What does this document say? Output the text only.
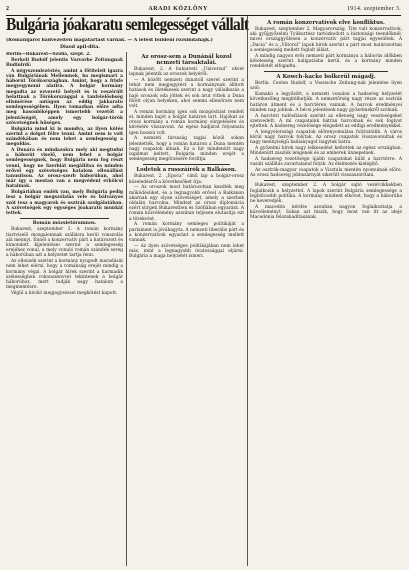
2	ARADI KÖZLÖNY	1914. szeptember 3.
Bulgária jóakaratu semlegességet vállalt
(Románijáról hadvezéltén magatartást várnak. — A lefest buldeni rozsindahajk.)
Diaod apil-dita.

Berlin—Bukarest—Szófia, szept. 2.

Berkeli Budolf jelentis Vozvorhe Zeitungnak Budiulrdí:

A négyszemlezéstés, amint a főtiteleit igazra ván Bulgáriának Mellemnek, ba megismart a háborút Törökországban. Amint, hogy a frisfe megyegymuni alatira. A bolgár kormány megadta az ezvezető helyeit és is veszérült helattnak a Törökországgal a tanfelelősbség elismérése antágon az eddig jakkaratu semlegességében. Ilyen tomazban előre adta meg hasonlóképpen ismertebb vezetőt a jelentőségét, amely egy bolgár-török szövetségnek hűséges.

Bulgária mind ki is mondva, az ilyen kötés szerint a dolgot félre tenni. Amint nem is volt szándékában és nem lehet a semlegesség a megoldás.

A Dunára és mindazokra mely aki megtudni a háborút viselő, nem lebet a bolgár semlegességnek, hogy Bulgária nem fog részt venni, hogy ne Szerbiát megállítsa és minden erővel egy szövetséges hatalom ellenállást tanusítson. Az orosz-szerb háborúban, ahol már így a mostan van a megvédeni erkölcsi hatalmak.

Bulgáriában emlék van, mely Bulgária pedig lesz a bolgár megszólalás vele és bálványos szót tesz a magyarok és osztrák szolgálatában. A szövetségek egy egységes jóakaratú munkát tettek.

Román mózsietóramnos.

Bukarest, szeptember 2. A román kormány tisztviselő mozgalomnak szállásra kerül vonszolás alá mennyi. Ennél a konzervatív párt a határozott és kimondott kijelentései szerint a semlegesség erejéhez vonul, a mely vonuló román szándék sereg a háborúban azt a helyzetet tartja fenn.

Az ellenzék szerint a kormány nyugodt maradását nem lehet elérni, hogy a románság erejét mindig a kormány végzi. A bolgár hírek szerint a harmadik szélességben rokonszenvvel tekintenek a bolgár háborúhoz, mert tudják nagy hatalom a megmentésre.

Végül a kiváló megjegyzéssel megkötést kapott.

Az orosz-sem a Dunánál kozol ncmzeti társaktalái.

Bukarest, 2. A bukaresti „Universul” okvet lapnak jelentik az oroszok helyéről:

— A közölt nemzeti dunatoll szeret szerint a tehát nem megjegyzést a kormánynak állított hatások és illetékesek szerint a nagy vállalkozás a hajó oroszok oda jöttek és sok árut vittek a Duna fölött olyan helyeken, ahol semmi ellenőrzés nem volt.

A román kormány igen sok mozgósítást rendelt el, minden hajót a bolgár határon tart. Hajókat az orosz kormány a román kormány sürgetésére és kérésére visszavont. Az egész hadjárat folyamata igen hosszú volt.

A nemzeti társaság tagjai közül sokan jelentették, hogy a román határon a Duna mentén nagy csapatok állnak. Ez a hír mindenütt nagy izgalmat keltett. Bulgária minden erejét a semlegesség megőrzésére fordítja.

Lodetok a russzáírók a Balkáson.

Bukarest, 2. „Epoca” című lap a bolgár-orosz közeledésről a következőket írja:

— Az oroszok most határozottan kezdték meg működésüket, és a legnagyobb erővel a Balkánon akarnak egy olyan szövetséget, amely a szerbek oldalán harcolna. Mindezt az orosz diplomácia ezért sürgeti Bukarestben és Szófiában egyaránt. A román közvélemény azonban teljesen elutasítja ezt a törekvést.

A román kormány semleges politikáját a parlament is jóváhagyta. A nemzeti liberális párt és a konzervatívok egyaránt a semlegesség mellett vannak.

— Az ilyen szövetséges politikájában nem lehet más, mint a legnagyobb óvatossággal eljárni. Bulgária a maga helyzetét ismeri.

A román konzervatívok elve konfliktus.

Bukarest, szeptember 2. Magyarország. Tite vult konzervatívok, aki gyűjgyőzelmi Tyükurtész tartózkodott a biztonsági teendőknél, mivel országgyűlésen a konzervatív párt tagjai egyesültek. A „Dacia” és a „Viitorul” lapok hírek szerint a párt most határozottan a semlegesség mellett foglalt állást.

A mindig nagyon erős nemzeti párt kormánya a háborús időkben kötelesség szerint hallgatásba kerül, és a kormány minden rendeletét elfogadta.

A Kowch-kacke bolkerül mágadj.

Berlin. Ceolen Rudolf, a Vossische Zeitung-nak jelentése ilyen szól:

Kamakó a legyőzött, a nemzeti vonalon a hadsereg helyzetét következőleg megítélhetjük. A nemzetőrség nagy része az osztrák határon átment és a harctéren vannak. A harcok eredményei minden nap jobbak. A bécsi jelentések nagy győzelmekről szólnak.

A harctéri tudósítások szerint az ellenség nagy veszteségeket szenvedett. A mi csapataink bátran harcolnak és sok foglyot ejtettek. A hadsereg vezetősége elégedett az eddigi eredményekkel.

A lengyelországi csapatok előrenyomulása folytatódik. A város körül nagy harcok folytak. Az orosz csapatok visszavonultak és nagy mennyiségű hadianyagot hagytak hátra.

A győzelmi hírek nagy lelkesedést keltettek az egész országban. Mindenütt zászlók lengenek és az emberek ünnepelnek.

A hadsereg vezetősége újabb csapatokat küld a harctérre. A vasúti szállítás zavartalanul folyik. Az élelmezés kielégítő.

Az osztrák-magyar csapatok a Visztula mentén nyomulnak előre. Az orosz hadsereg jobbszárnyát sikerült visszaszorítani.

Bukarest, szeptember 2. A bolgár sajtó vezércikkekben foglalkozik a helyzettel. A lapok szerint Bulgária semlegessége a legbölcsebb politika. A kormány mindent elkövet, hogy a háborúba ne keveredjék.

A macedón kérdés azonban nagyon foglalkoztatja a közvéleményt. Sokan azt hiszik, hogy most van itt az ideje Macedónia felszabadításának.
